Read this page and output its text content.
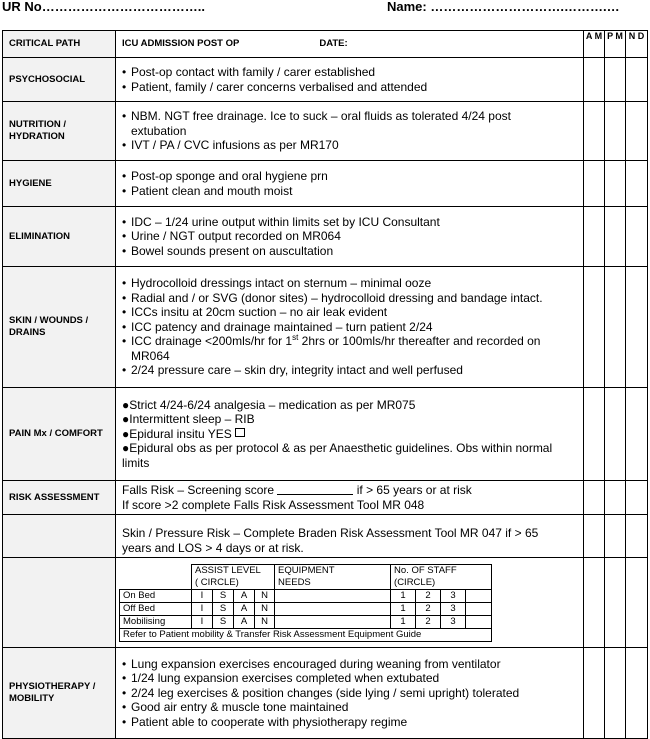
UR No………………………………..	Name: ………………………….……….…
CRITICAL PATH	ICU ADMISSION POST OP	DATE:	A M	P M	N D
PSYCHOSOCIAL	
• Post-op contact with family / carer established
• Patient, family / carer concerns verbalised and attended

NUTRITION / HYDRATION	
• NBM. NGT free drainage. Ice to suck – oral fluids as tolerated 4/24 post
extubation
• IVT / PA / CVC infusions as per MR170

HYGIENE	
• Post-op sponge and oral hygiene prn
• Patient clean and mouth moist

ELIMINATION	
• IDC – 1/24 urine output within limits set by ICU Consultant
• Urine / NGT output recorded on MR064
• Bowel sounds present on auscultation

SKIN / WOUNDS / DRAINS	
• Hydrocolloid dressings intact on sternum – minimal ooze
• Radial and / or SVG (donor sites) – hydrocolloid dressing and bandage intact.
• ICCs insitu at 20cm suction – no air leak evident
• ICC patency and drainage maintained – turn patient 2/24
• ICC drainage <200mls/hr for 1st 2hrs or 100mls/hr thereafter and recorded on
MR064
• 2/24 pressure care – skin dry, integrity intact and well perfused

PAIN Mx / COMFORT	
●Strict 4/24-6/24 analgesia – medication as per MR075
●Intermittent sleep – RIB
●Epidural insitu YES
●Epidural obs as per protocol & as per Anaesthetic guidelines. Obs within normal
limits

RISK ASSESSMENT	Falls Risk – Screening score	if > 65 years or at risk
If score >2 complete Falls Risk Assessment Tool MR 048			
	Skin / Pressure Risk – Complete Braden Risk Assessment Tool MR 047 if > 65
years and LOS > 4 days or at risk.			

	ASSIST LEVEL	EQUIPMENT	No. OF STAFF
	( CIRCLE)	NEEDS	(CIRCLE)
On Bed	I	S	A	N		1	2	3	
Off Bed	I	S	A	N		1	2	3	
Mobilising	I	S	A	N		1	2	3	
Refer to Patient mobility & Transfer Risk Assessment Equipment Guide

PHYSIOTHERAPY / MOBILITY	
• Lung expansion exercises encouraged during weaning from ventilator
• 1/24 lung expansion exercises completed when extubated
• 2/24 leg exercises & position changes (side lying / semi upright) tolerated
• Good air entry & muscle tone maintained
• Patient able to cooperate with physiotherapy regime
